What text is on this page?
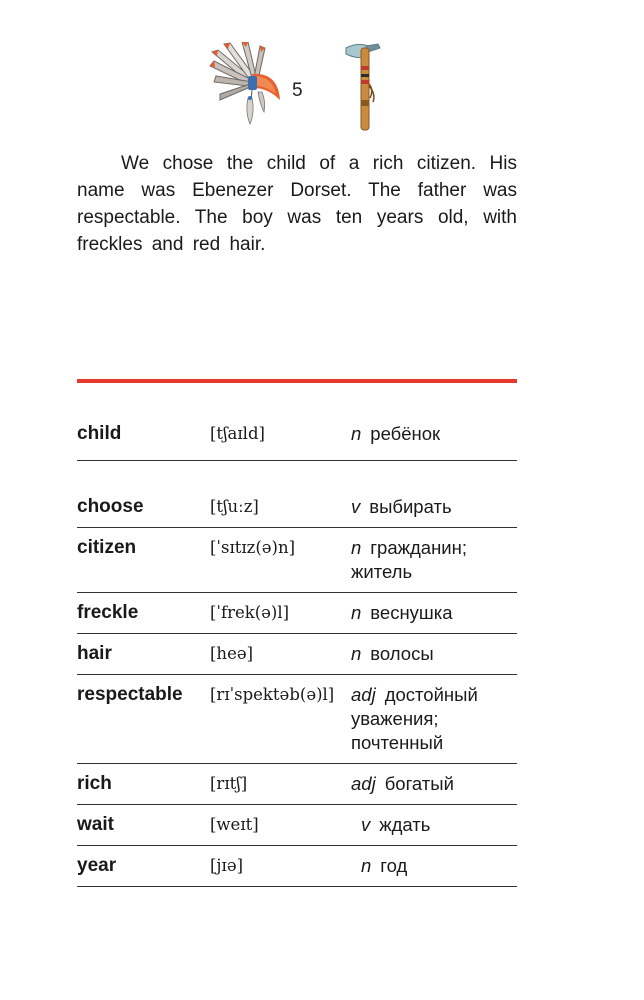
5

We chose the child of a rich citizen. His name was Ebenezer Dorset. The father was respectable. The boy was ten years old, with freckles and red hair.

child	[tʃaɪld]	n ребёнок
choose	[tʃuːz]	v выбирать
citizen	[ˈsɪtɪz(ə)n]	n гражданин; житель
freckle	[ˈfrek(ə)l]	n веснушка
hair	[heə]	n волосы
respectable [rɪˈspektəb(ə)l] adj достойный уважения; почтенный
rich	[rɪtʃ]	adj богатый
wait	[weɪt]	v ждать
year	[jɪə]	n год
